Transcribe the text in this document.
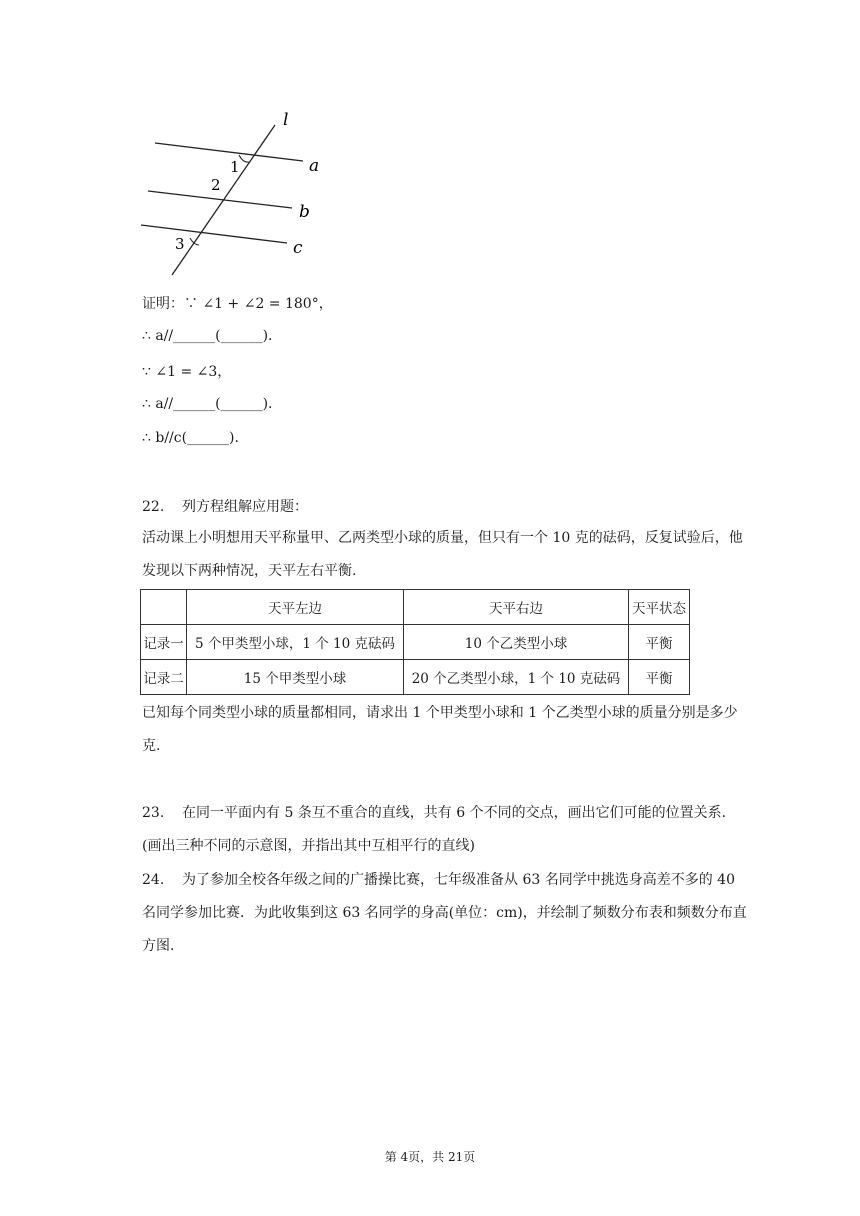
l
a
b
c
1
2
3
证明：∵ ∠1 + ∠2 = 180°，
∴ a//______(______).
∵ ∠1 = ∠3，
∴ a//______(______).
∴ b//c(______).
22. 列方程组解应用题：
活动课上小明想用天平称量甲、乙两类型小球的质量，但只有一个 10 克的砝码，反复试验后，他发现以下两种情况，天平左右平衡.
	天平左边	天平右边	天平状态
记录一	5 个甲类型小球，1 个 10 克砝码	10 个乙类型小球	平衡
记录二	15 个甲类型小球	20 个乙类型小球，1 个 10 克砝码	平衡
已知每个同类型小球的质量都相同，请求出 1 个甲类型小球和 1 个乙类型小球的质量分别是多少克.
23. 在同一平面内有 5 条互不重合的直线，共有 6 个不同的交点，画出它们可能的位置关系．(画出三种不同的示意图，并指出其中互相平行的直线)
24. 为了参加全校各年级之间的广播操比赛，七年级准备从 63 名同学中挑选身高差不多的 40 名同学参加比赛．为此收集到这 63 名同学的身高(单位：cm)，并绘制了频数分布表和频数分布直方图.
第 4页，共 21页
